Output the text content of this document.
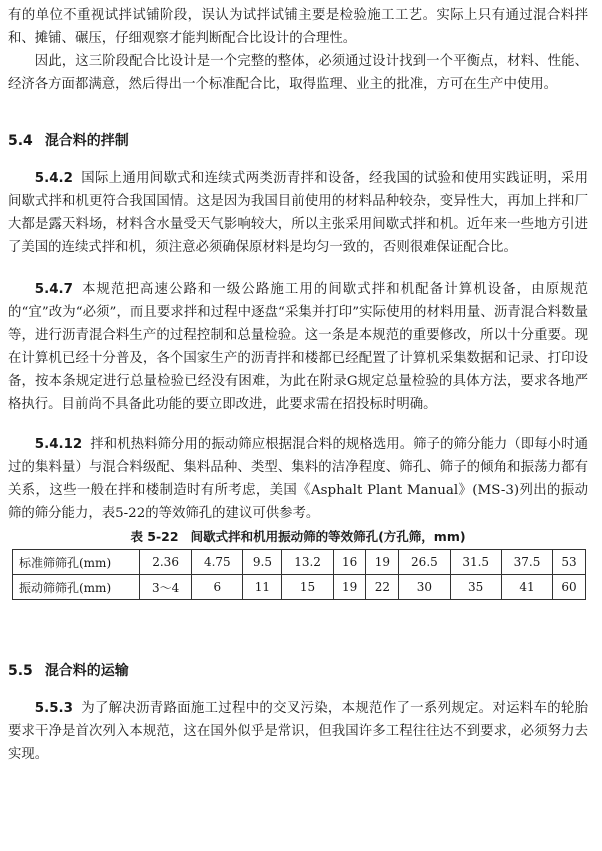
有的单位不重视试拌试铺阶段，误认为试拌试铺主要是检验施工工艺。实际上只有通过混合料拌和、摊铺、碾压，仔细观察才能判断配合比设计的合理性。

因此，这三阶段配合比设计是一个完整的整体，必须通过设计找到一个平衡点，材料、性能、经济各方面都满意，然后得出一个标准配合比，取得监理、业主的批准，方可在生产中使用。

5.4 混合料的拌制

5.4.2 国际上通用间歇式和连续式两类沥青拌和设备，经我国的试验和使用实践证明，采用间歇式拌和机更符合我国国情。这是因为我国目前使用的材料品种较杂，变异性大，再加上拌和厂大都是露天料场，材料含水量受天气影响较大，所以主张采用间歇式拌和机。近年来一些地方引进了美国的连续式拌和机，须注意必须确保原材料是均匀一致的，否则很难保证配合比。

5.4.7 本规范把高速公路和一级公路施工用的间歇式拌和机配备计算机设备，由原规范的“宜”改为“必须”，而且要求拌和过程中逐盘“采集并打印”实际使用的材料用量、沥青混合料数量等，进行沥青混合料生产的过程控制和总量检验。这一条是本规范的重要修改，所以十分重要。现在计算机已经十分普及，各个国家生产的沥青拌和楼都已经配置了计算机采集数据和记录、打印设备，按本条规定进行总量检验已经没有困难，为此在附录G规定总量检验的具体方法，要求各地严格执行。目前尚不具备此功能的要立即改进，此要求需在招投标时明确。

5.4.12 拌和机热料筛分用的振动筛应根据混合料的规格选用。筛子的筛分能力（即每小时通过的集料量）与混合料级配、集料品种、类型、集料的洁净程度、筛孔、筛子的倾角和振荡力都有关系，这些一般在拌和楼制造时有所考虑，美国《Asphalt Plant Manual》(MS-3)列出的振动筛的筛分能力，表5-22的等效筛孔的建议可供参考。

表 5-22 间歇式拌和机用振动筛的等效筛孔(方孔筛，mm)
标准筛筛孔(mm)	2.36	4.75	9.5	13.2	16	19	26.5	31.5	37.5	53
振动筛筛孔(mm)	3～4	6	11	15	19	22	30	35	41	60
5.5 混合料的运输

5.5.3 为了解决沥青路面施工过程中的交叉污染，本规范作了一系列规定。对运料车的轮胎要求干净是首次列入本规范，这在国外似乎是常识，但我国许多工程往往达不到要求，必须努力去实现。
